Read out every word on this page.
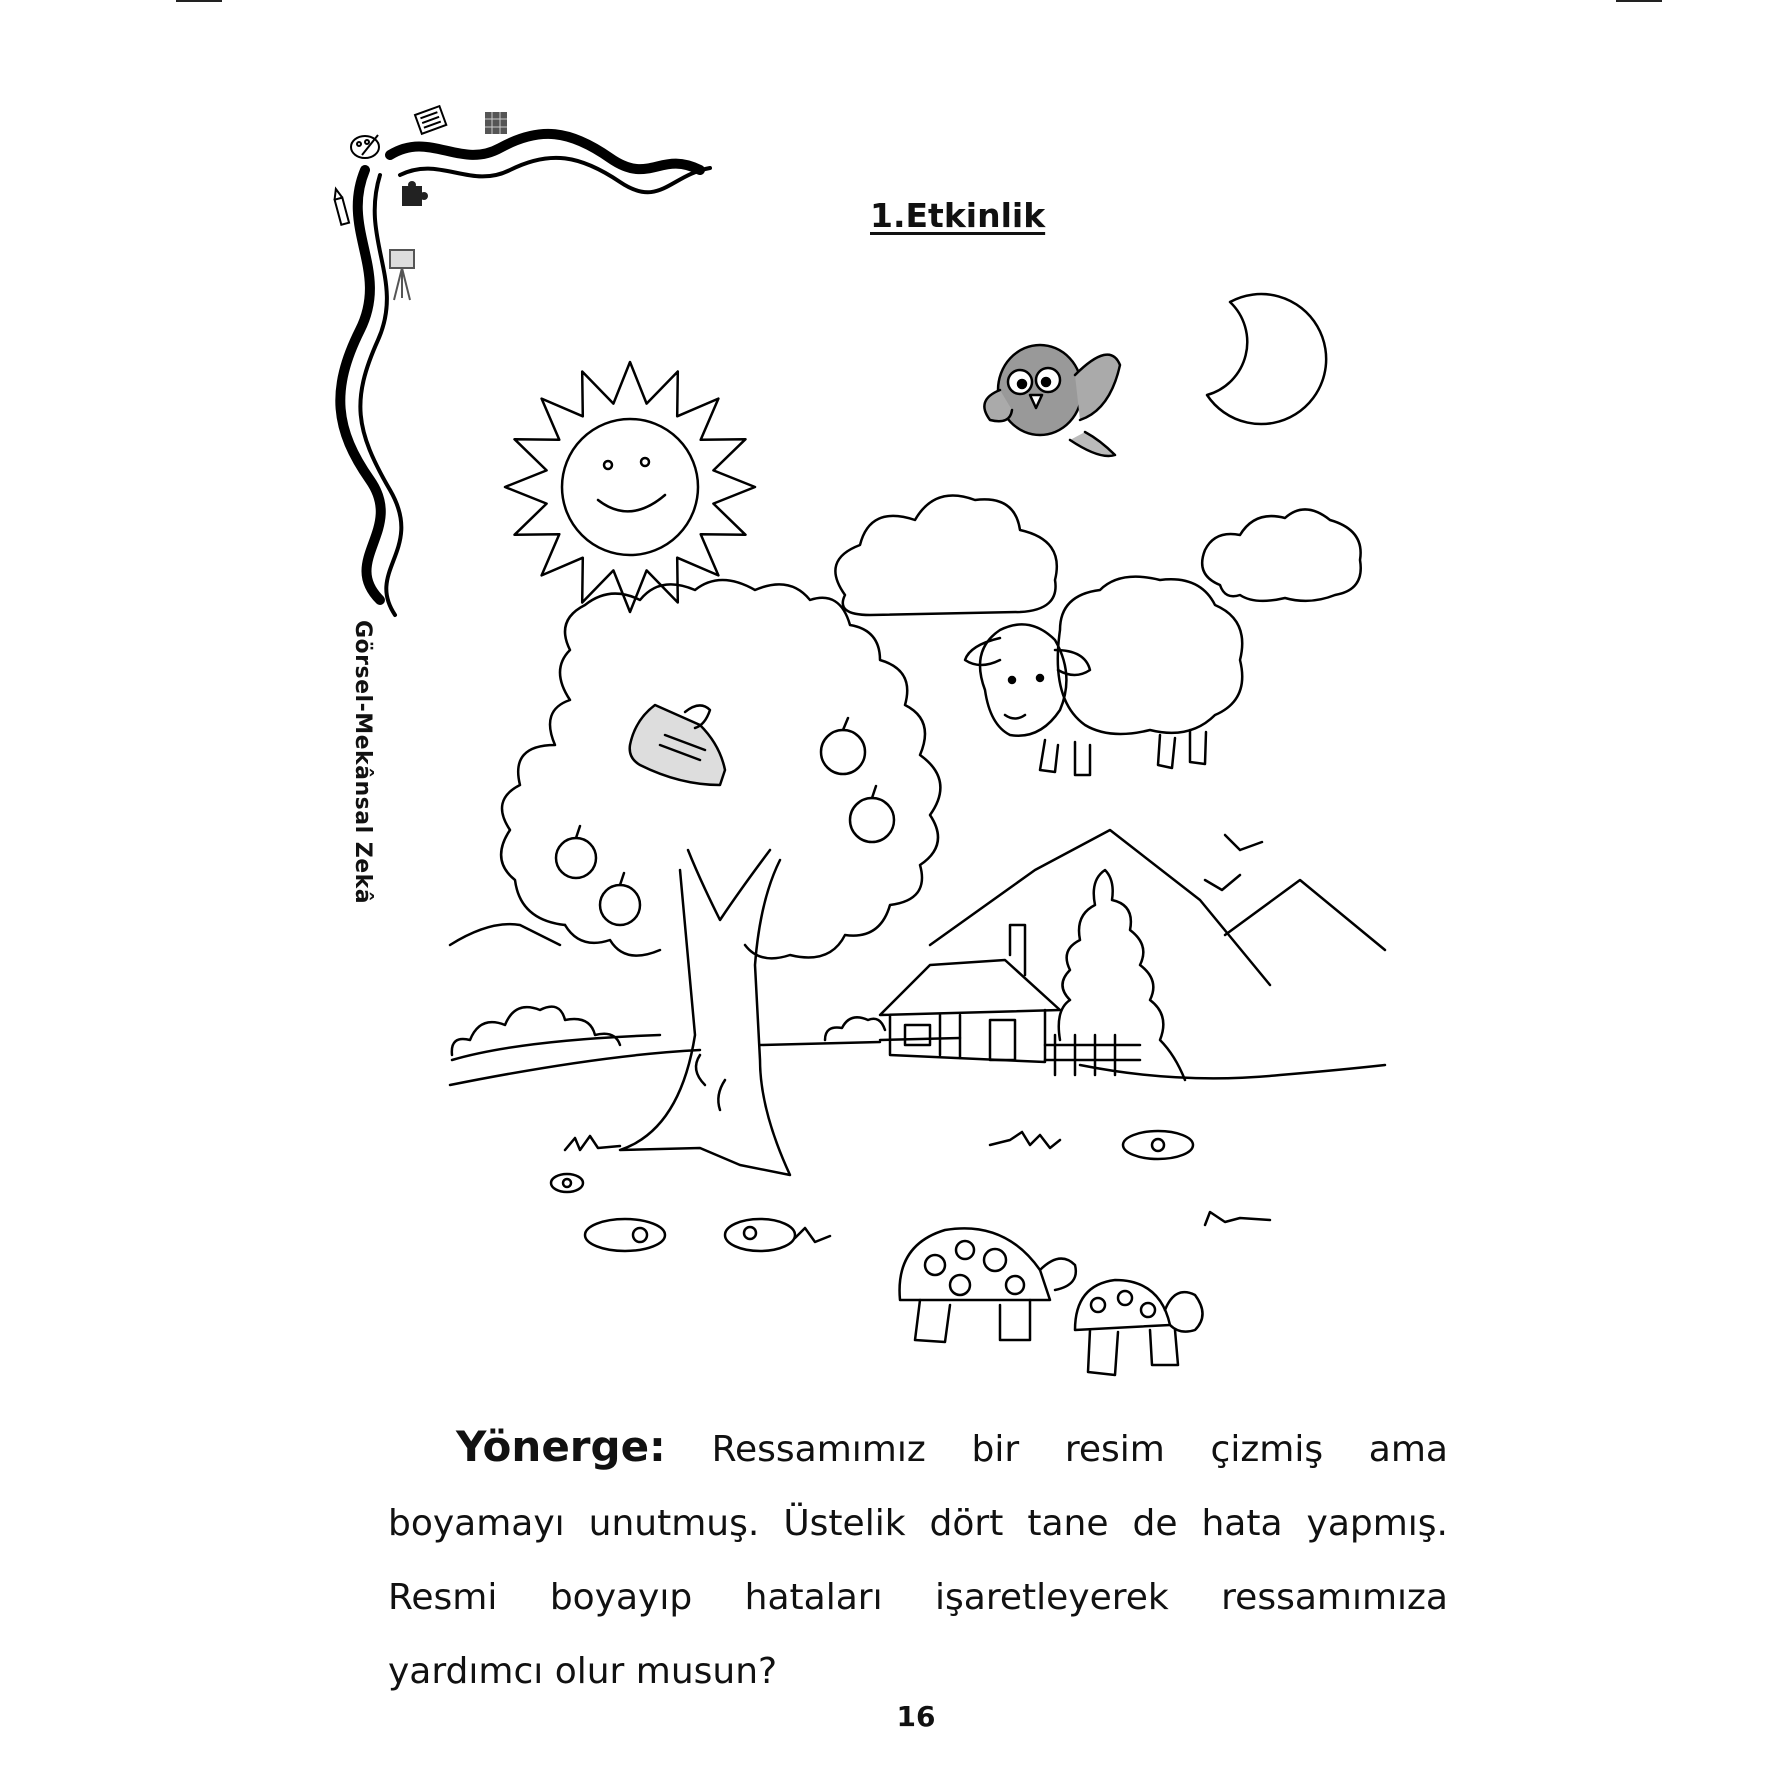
Görsel-Mekânsal Zekâ
1.Etkinlik
Yönerge: Ressamımız bir resim çizmiş ama boyamayı unutmuş. Üstelik dört tane de hata yapmış. Resmi boyayıp hataları işaretleyerek ressamımıza yardımcı olur musun?
16
